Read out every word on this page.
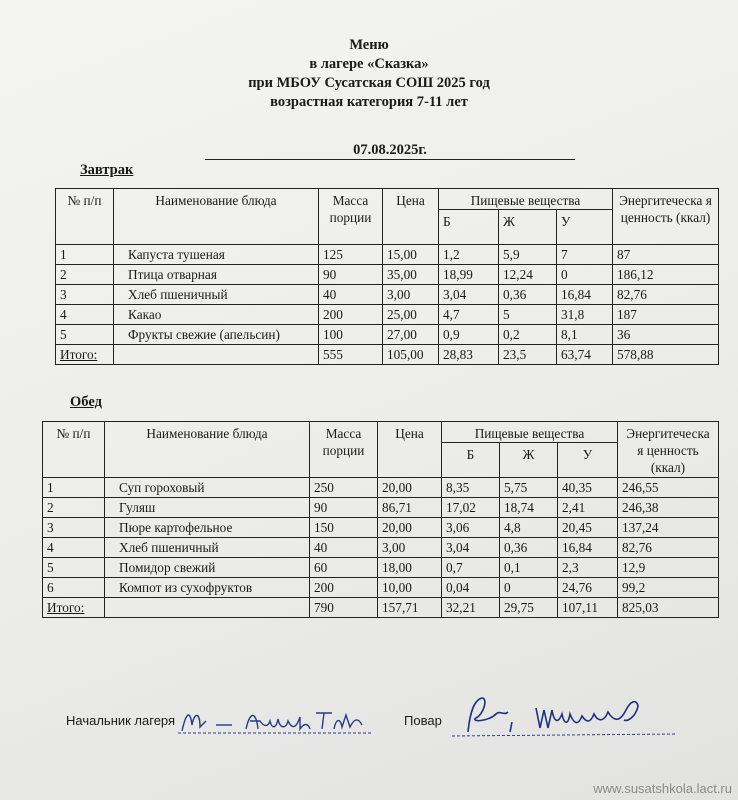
Меню
в лагере «Сказка»
при МБОУ Сусатская СОШ 2025 год
возрастная категория 7-11 лет
07.08.2025г.
Завтрак
№ п/п	Наименование блюда	Масса порции	Цена	Пищевые вещества			Энергитеческа я ценность (ккал)
				Б	Ж	У	
1	Капуста тушеная	125	15,00	1,2	5,9	7	87
2	Птица отварная	90	35,00	18,99	12,24	0	186,12
3	Хлеб пшеничный	40	3,00	3,04	0,36	16,84	82,76
4	Какао	200	25,00	4,7	5	31,8	187
5	Фрукты свежие (апельсин)	100	27,00	0,9	0,2	8,1	36
Итого:		555	105,00	28,83	23,5	63,74	578,88
Обед
№ п/п	Наименование блюда	Масса порции	Цена	Пищевые вещества			Энергитеческа я ценность (ккал)
				Б	Ж	У	
1	Суп гороховый	250	20,00	8,35	5,75	40,35	246,55
2	Гуляш	90	86,71	17,02	18,74	2,41	246,38
3	Пюре картофельное	150	20,00	3,06	4,8	20,45	137,24
4	Хлеб пшеничный	40	3,00	3,04	0,36	16,84	82,76
5	Помидор свежий	60	18,00	0,7	0,1	2,3	12,9
6	Компот из сухофруктов	200	10,00	0,04	0	24,76	99,2
Итого:		790	157,71	32,21	29,75	107,11	825,03
Начальник лагеря	Повар
www.susatshkola.lact.ru
